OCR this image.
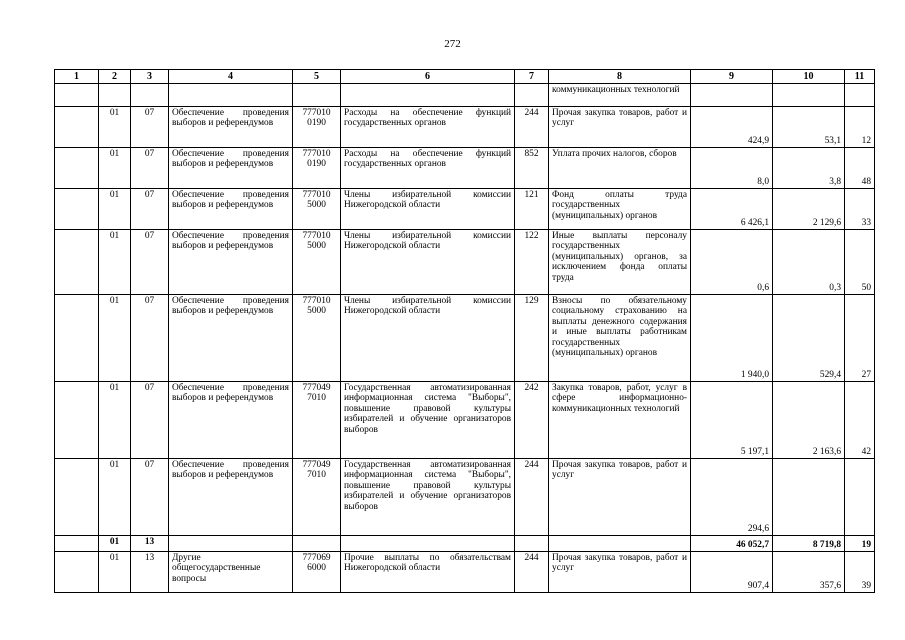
272
1	2	3	4	5	6	7	8	9	10	11
							коммуникационных технологий			
	01	07	Обеспечение проведения выборов и референдумов	777010 0190	Расходы на обеспечение функций государственных органов	244	Прочая закупка товаров, работ и услуг	424,9	53,1	12
	01	07	Обеспечение проведения выборов и референдумов	777010 0190	Расходы на обеспечение функций государственных органов	852	Уплата прочих налогов, сборов	8,0	3,8	48
	01	07	Обеспечение проведения выборов и референдумов	777010 5000	Члены избирательной комиссии Нижегородской области	121	Фонд оплаты труда государственных (муниципальных) органов	6 426,1	2 129,6	33
	01	07	Обеспечение проведения выборов и референдумов	777010 5000	Члены избирательной комиссии Нижегородской области	122	Иные выплаты персоналу государственных (муниципальных) органов, за исключением фонда оплаты труда	0,6	0,3	50
	01	07	Обеспечение проведения выборов и референдумов	777010 5000	Члены избирательной комиссии Нижегородской области	129	Взносы по обязательному социальному страхованию на выплаты денежного содержания и иные выплаты работникам государственных (муниципальных) органов	1 940,0	529,4	27
	01	07	Обеспечение проведения выборов и референдумов	777049 7010	Государственная автоматизированная информационная система "Выборы", повышение правовой культуры избирателей и обучение организаторов выборов	242	Закупка товаров, работ, услуг в сфере информационно-коммуникационных технологий	5 197,1	2 163,6	42
	01	07	Обеспечение проведения выборов и референдумов	777049 7010	Государственная автоматизированная информационная система "Выборы", повышение правовой культуры избирателей и обучение организаторов выборов	244	Прочая закупка товаров, работ и услуг	294,6		
	01	13						46 052,7	8 719,8	19
	01	13	Другие общегосударственные вопросы	777069 6000	Прочие выплаты по обязательствам Нижегородской области	244	Прочая закупка товаров, работ и услуг	907,4	357,6	39
